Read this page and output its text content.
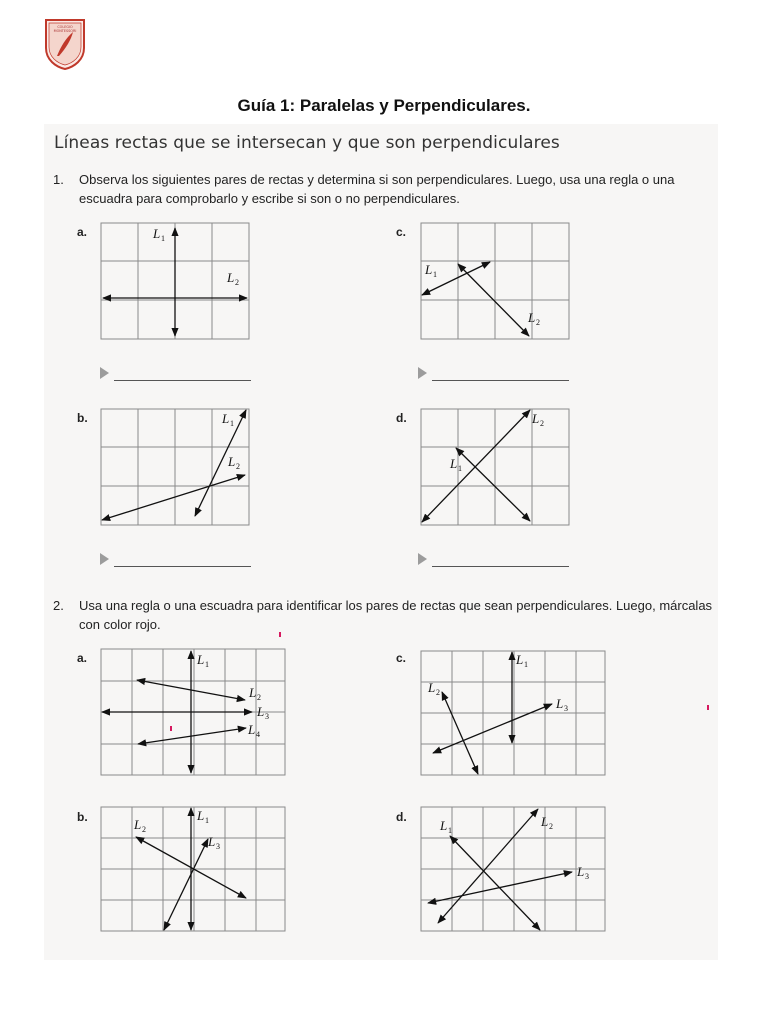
COLEGIO
MONTESSORI
Guía 1: Paralelas y Perpendiculares.
Líneas rectas que se intersecan y que son perpendiculares
1. Observa los siguientes pares de rectas y determina si son perpendiculares. Luego, usa una regla o una escuadra para comprobarlo y escribe si son o no perpendiculares.
a.	c.
b.	d.
L 1
L 2
L 1
L 2
L 1
L 2
L 2
L 1
2. Usa una regla o una escuadra para identificar los pares de rectas que sean perpendiculares. Luego, márcalas con color rojo.
a.	c.
b.	d.
L 1
L 2
L 3
L 4
L 1
L 2
L 3
L 1
L 2
L 3
L 1
L 2
L 3
